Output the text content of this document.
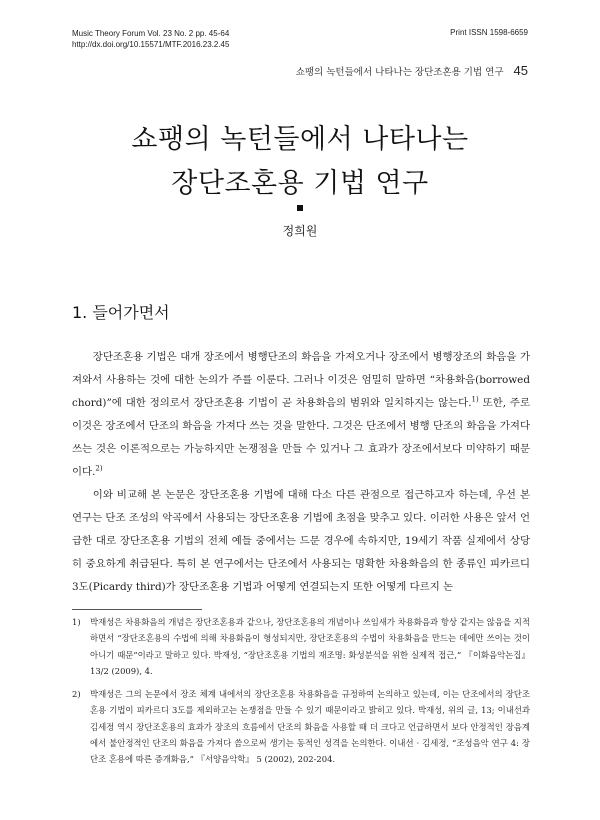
Music Theory Forum Vol. 23 No. 2 pp. 45-64
http://dx.doi.org/10.15571/MTF.2016.23.2.45
Print ISSN 1598-6659
쇼팽의 녹턴들에서 나타나는 장단조혼용 기법 연구 45
쇼팽의 녹턴들에서 나타나는
장단조혼용 기법 연구
정희원
1. 들어가면서

장단조혼용 기법은 대개 장조에서 병행단조의 화음을 가져오거나 장조에서 병행장조의 화음을 가져와서 사용하는 것에 대한 논의가 주를 이룬다. 그러나 이것은 엄밀히 말하면 “차용화음(borrowed chord)”에 대한 정의로서 장단조혼용 기법이 곧 차용화음의 범위와 일치하지는 않는다.$^{1)}$ 또한, 주로 이것은 장조에서 단조의 화음을 가져다 쓰는 것을 말한다. 그것은 단조에서 병행 단조의 화음을 가져다 쓰는 것은 이론적으로는 가능하지만 논쟁점을 만들 수 있거나 그 효과가 장조에서보다 미약하기 때문이다.$^{2)}$

이와 비교해 본 논문은 장단조혼용 기법에 대해 다소 다른 관점으로 접근하고자 하는데, 우선 본 연구는 단조 조성의 악곡에서 사용되는 장단조혼용 기법에 초점을 맞추고 있다. 이러한 사용은 앞서 언급한 대로 장단조혼용 기법의 전체 예들 중에서는 드문 경우에 속하지만, 19세기 작품 실제에서 상당히 중요하게 취급된다. 특히 본 연구에서는 단조에서 사용되는 명확한 차용화음의 한 종류인 피카르디 3도(Picardy third)가 장단조혼용 기법과 어떻게 연결되는지 또한 어떻게 다르지 논

1)	박재성은 차용화음의 개념은 장단조혼용과 같으나, 장단조혼용의 개념이나 쓰임새가 차용화음과 항상 같지는 않음을 지적하면서 “장단조혼용의 수법에 의해 차용화음이 형성되지만, 장단조혼용의 수법이 차용화음을 만드는 데에만 쓰이는 것이 아니기 때문”이라고 말하고 있다. 박재성, “장단조혼용 기법의 재조명: 화성분석을 위한 실제적 접근,” 『이화음악논집』 13/2 (2009), 4.
2)	박재성은 그의 논문에서 장조 체계 내에서의 장단조혼용 차용화음을 규정하여 논의하고 있는데, 이는 단조에서의 장단조혼용 기법이 피카르디 3도를 제외하고는 논쟁점을 만들 수 있기 때문이라고 밝히고 있다. 박재성, 위의 글, 13; 이내선과 김세정 역시 장단조혼용의 효과가 장조의 흐름에서 단조의 화음을 사용할 때 더 크다고 언급하면서 보다 안정적인 장음계에서 불안정적인 단조의 화음을 가져다 씀으로써 생기는 동적인 성격을 논의한다. 이내선 · 김세정, “조성음악 연구 4: 장단조 혼용에 따른 증개화음,” 『서양음악학』 5 (2002), 202-204.
